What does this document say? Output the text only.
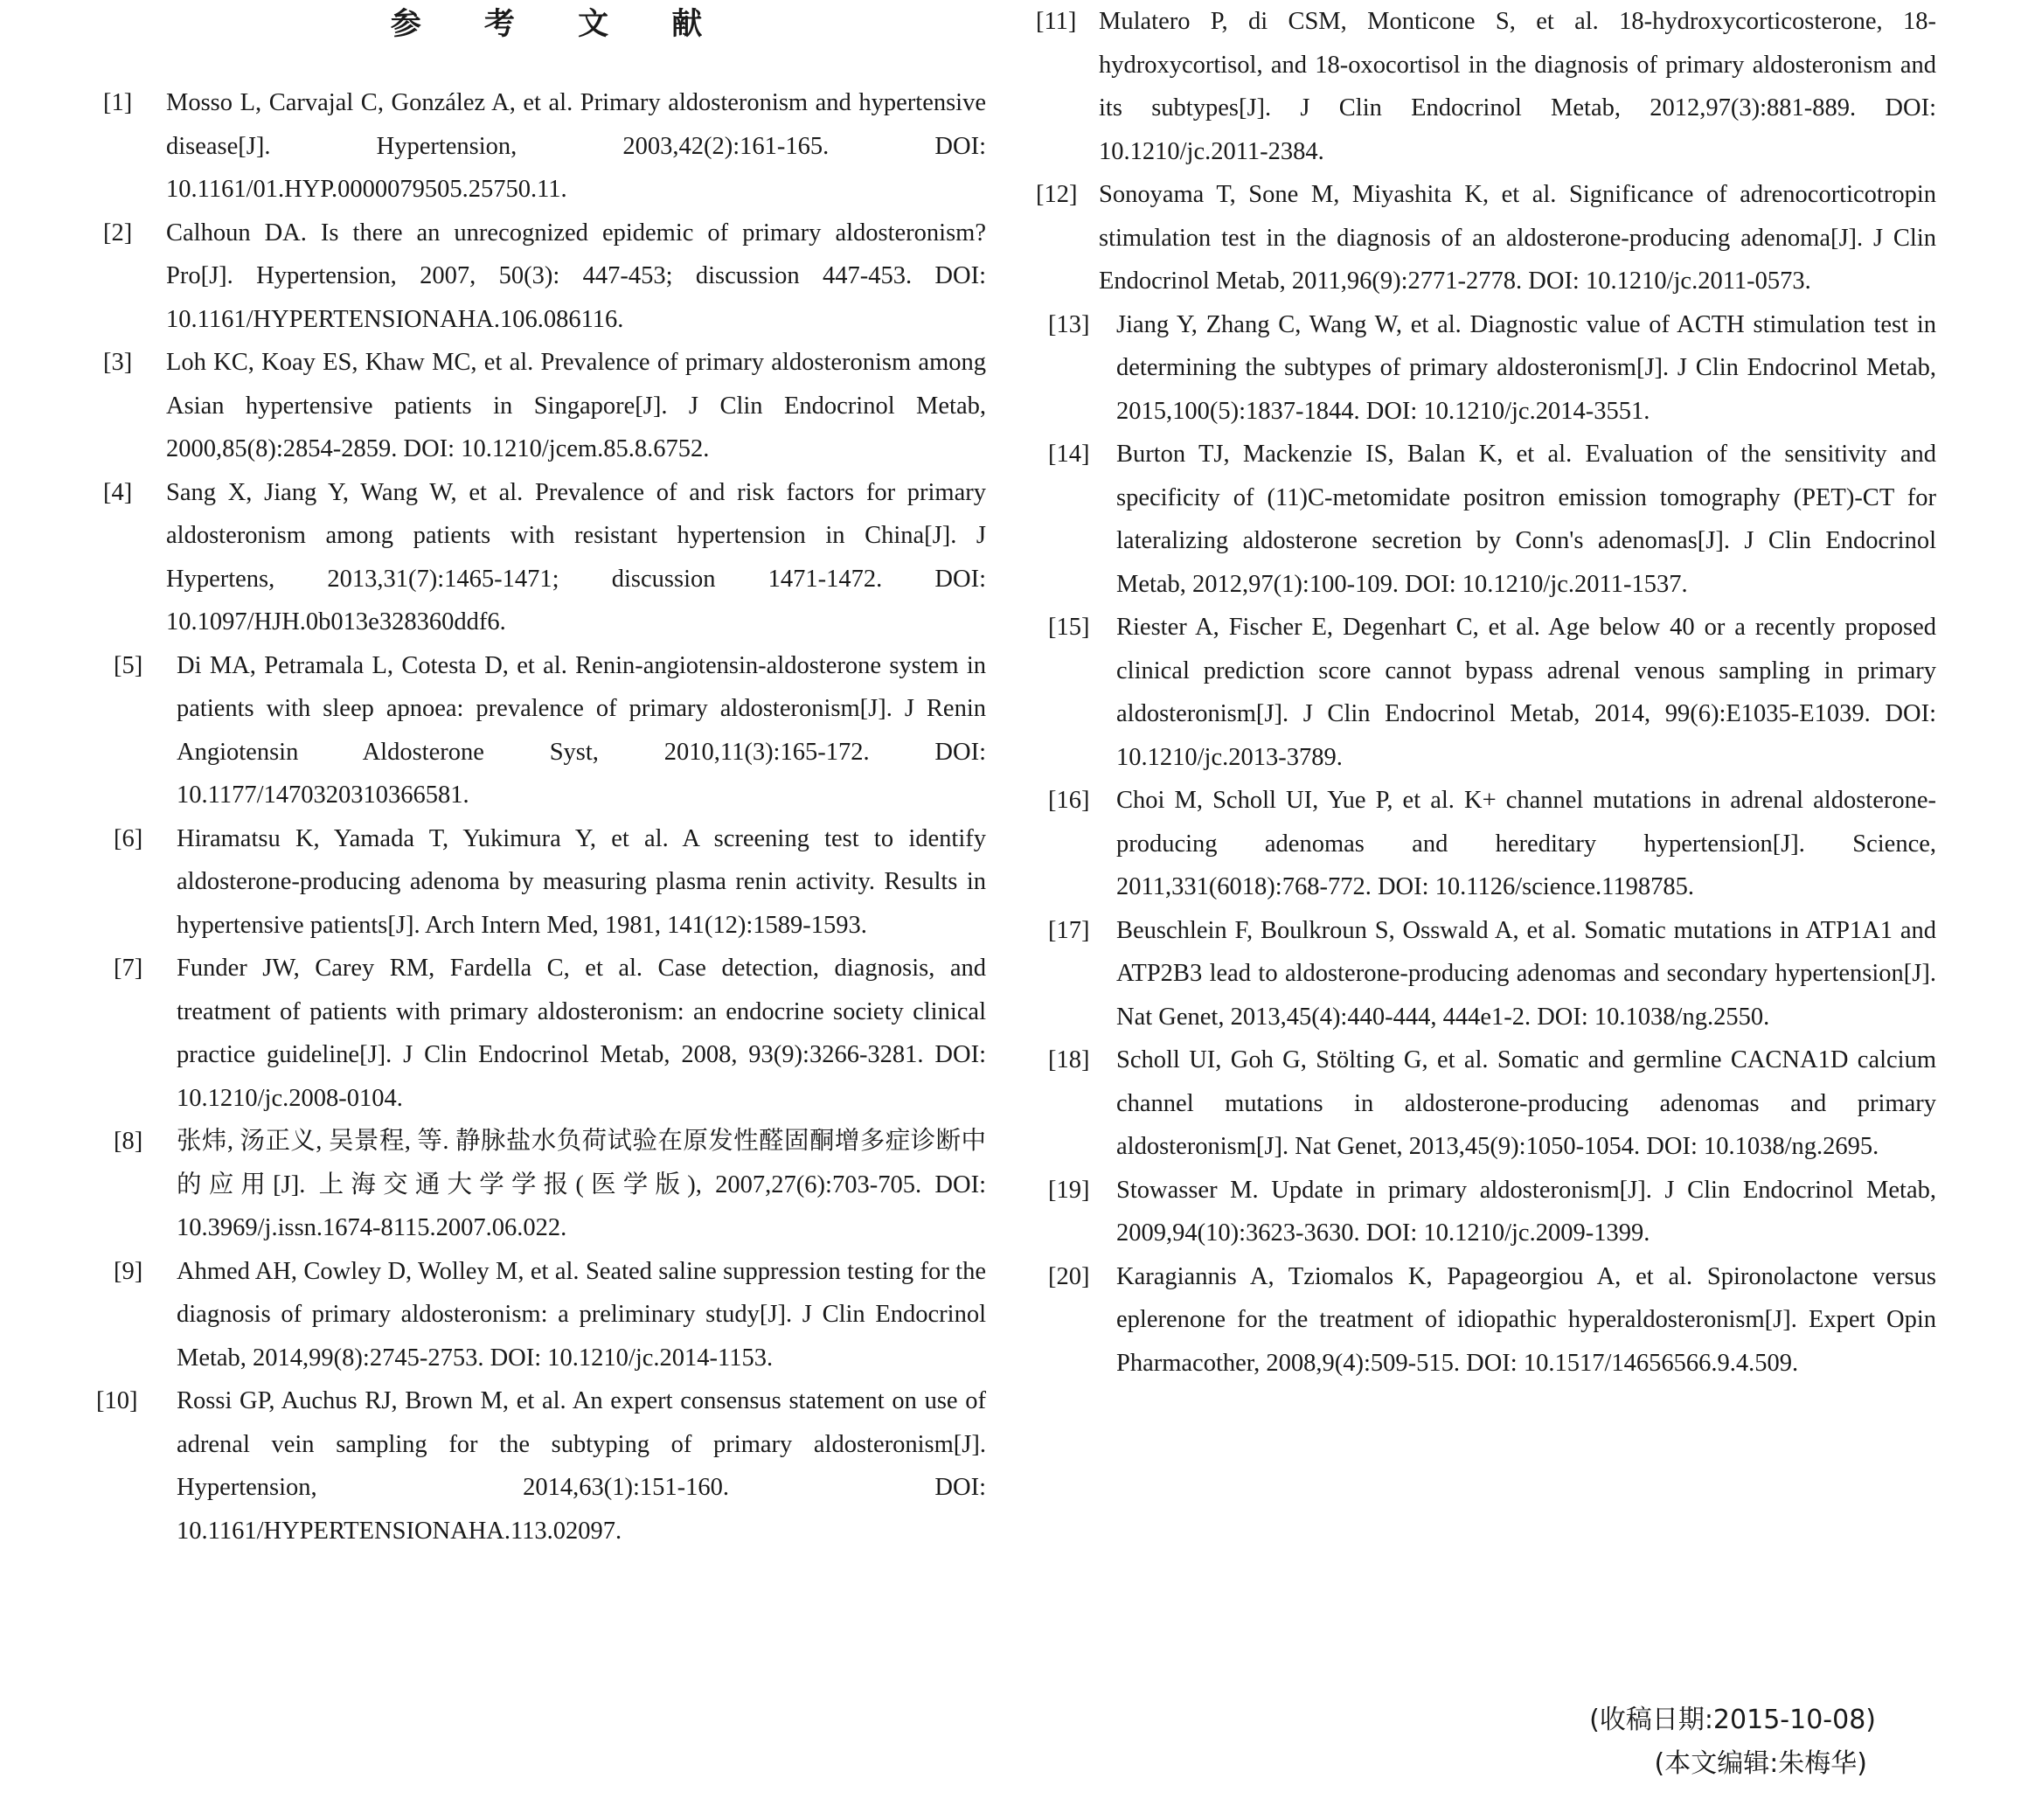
参 考 文 献
[1]	Mosso L, Carvajal C, González A, et al. Primary aldosteronism and hypertensive disease[J]. Hypertension, 2003,42(2):161-165. DOI: 10.1161/01.HYP.0000079505.25750.11.
[2]	Calhoun DA. Is there an unrecognized epidemic of primary aldosteronism? Pro[J]. Hypertension, 2007, 50(3): 447-453; discussion 447-453. DOI: 10.1161/HYPERTENSIONAHA.106.086116.
[3]	Loh KC, Koay ES, Khaw MC, et al. Prevalence of primary aldosteronism among Asian hypertensive patients in Singapore[J]. J Clin Endocrinol Metab, 2000,85(8):2854-2859. DOI: 10.1210/jcem.85.8.6752.
[4]	Sang X, Jiang Y, Wang W, et al. Prevalence of and risk factors for primary aldosteronism among patients with resistant hypertension in China[J]. J Hypertens, 2013,31(7):1465-1471; discussion 1471-1472. DOI: 10.1097/HJH.0b013e328360ddf6.
[5]	Di MA, Petramala L, Cotesta D, et al. Renin-angiotensin-aldosterone system in patients with sleep apnoea: prevalence of primary aldosteronism[J]. J Renin Angiotensin Aldosterone Syst, 2010,11(3):165-172. DOI: 10.1177/1470320310366581.
[6]	Hiramatsu K, Yamada T, Yukimura Y, et al. A screening test to identify aldosterone-producing adenoma by measuring plasma renin activity. Results in hypertensive patients[J]. Arch Intern Med, 1981, 141(12):1589-1593.
[7]	Funder JW, Carey RM, Fardella C, et al. Case detection, diagnosis, and treatment of patients with primary aldosteronism: an endocrine society clinical practice guideline[J]. J Clin Endocrinol Metab, 2008, 93(9):3266-3281. DOI: 10.1210/jc.2008-0104.
[8]	张炜, 汤正义, 吴景程, 等. 静脉盐水负荷试验在原发性醛固酮增多症诊断中的应用[J]. 上海交通大学学报(医学版), 2007,27(6):703-705. DOI: 10.3969/j.issn.1674-8115.2007.06.022.
[9]	Ahmed AH, Cowley D, Wolley M, et al. Seated saline suppression testing for the diagnosis of primary aldosteronism: a preliminary study[J]. J Clin Endocrinol Metab, 2014,99(8):2745-2753. DOI: 10.1210/jc.2014-1153.
[10]	Rossi GP, Auchus RJ, Brown M, et al. An expert consensus statement on use of adrenal vein sampling for the subtyping of primary aldosteronism[J]. Hypertension, 2014,63(1):151-160. DOI: 10.1161/HYPERTENSIONAHA.113.02097.
[11] Mulatero P, di CSM, Monticone S, et al. 18-hydroxycorticosterone, 18-hydroxycortisol, and 18-oxocortisol in the diagnosis of primary aldosteronism and its subtypes[J]. J Clin Endocrinol Metab, 2012,97(3):881-889. DOI: 10.1210/jc.2011-2384.
[12] Sonoyama T, Sone M, Miyashita K, et al. Significance of adrenocorticotropin stimulation test in the diagnosis of an aldosterone-producing adenoma[J]. J Clin Endocrinol Metab, 2011,96(9):2771-2778. DOI: 10.1210/jc.2011-0573.
[13]	Jiang Y, Zhang C, Wang W, et al. Diagnostic value of ACTH stimulation test in determining the subtypes of primary aldosteronism[J]. J Clin Endocrinol Metab, 2015,100(5):1837-1844. DOI: 10.1210/jc.2014-3551.
[14]	Burton TJ, Mackenzie IS, Balan K, et al. Evaluation of the sensitivity and specificity of (11)C-metomidate positron emission tomography (PET)-CT for lateralizing aldosterone secretion by Conn's adenomas[J]. J Clin Endocrinol Metab, 2012,97(1):100-109. DOI: 10.1210/jc.2011-1537.
[15]	Riester A, Fischer E, Degenhart C, et al. Age below 40 or a recently proposed clinical prediction score cannot bypass adrenal venous sampling in primary aldosteronism[J]. J Clin Endocrinol Metab, 2014, 99(6):E1035-E1039. DOI: 10.1210/jc.2013-3789.
[16]	Choi M, Scholl UI, Yue P, et al. K+ channel mutations in adrenal aldosterone-producing adenomas and hereditary hypertension[J]. Science, 2011,331(6018):768-772. DOI: 10.1126/science.1198785.
[17]	Beuschlein F, Boulkroun S, Osswald A, et al. Somatic mutations in ATP1A1 and ATP2B3 lead to aldosterone-producing adenomas and secondary hypertension[J]. Nat Genet, 2013,45(4):440-444, 444e1-2. DOI: 10.1038/ng.2550.
[18]	Scholl UI, Goh G, Stölting G, et al. Somatic and germline CACNA1D calcium channel mutations in aldosterone-producing adenomas and primary aldosteronism[J]. Nat Genet, 2013,45(9):1050-1054. DOI: 10.1038/ng.2695.
[19]	Stowasser M. Update in primary aldosteronism[J]. J Clin Endocrinol Metab, 2009,94(10):3623-3630. DOI: 10.1210/jc.2009-1399.
[20]	Karagiannis A, Tziomalos K, Papageorgiou A, et al. Spironolactone versus eplerenone for the treatment of idiopathic hyperaldosteronism[J]. Expert Opin Pharmacother, 2008,9(4):509-515. DOI: 10.1517/14656566.9.4.509.
(收稿日期:2015-10-08)
(本文编辑:朱梅华)
